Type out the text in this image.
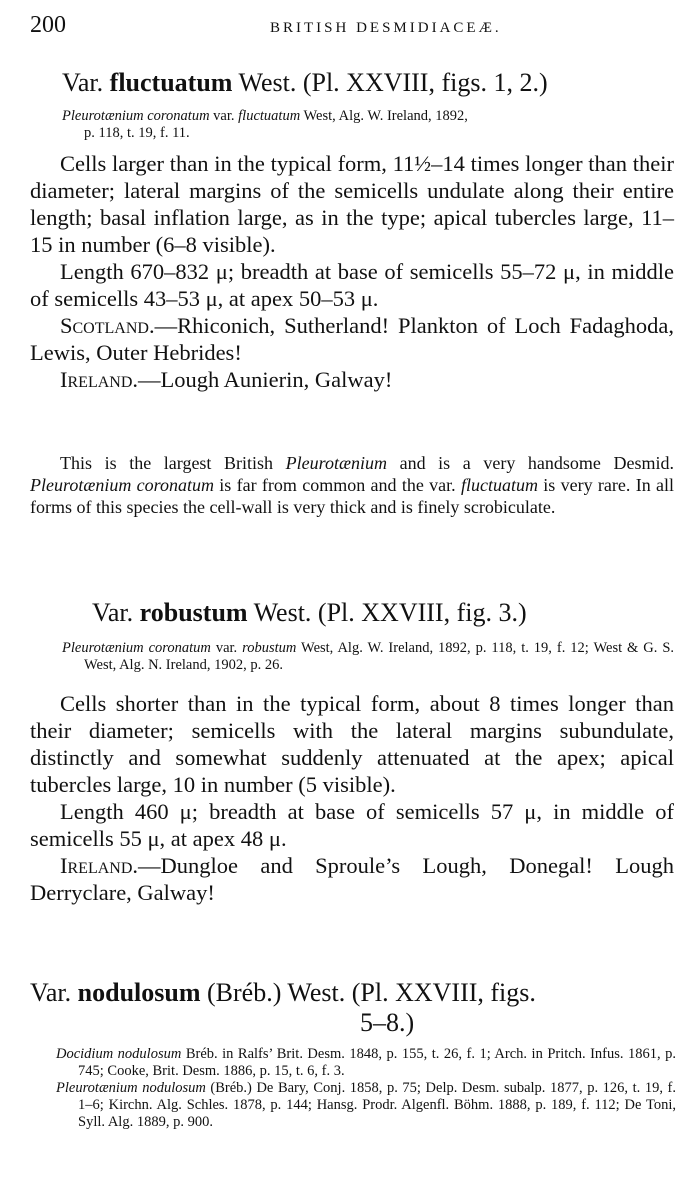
200	BRITISH DESMIDIACEÆ.
Var. fluctuatum West. (Pl. XXVIII, figs. 1, 2.)
Pleurotænium coronatum var. fluctuatum West, Alg. W. Ireland, 1892,
p. 118, t. 19, f. 11.
Cells larger than in the typical form, 11½–14 times longer than their diameter; lateral margins of the semicells undulate along their entire length; basal inflation large, as in the type; apical tubercles large, 11–15 in number (6–8 visible).
Length 670–832 μ; breadth at base of semicells 55–72 μ, in middle of semicells 43–53 μ, at apex 50–53 μ.
Scotland.—Rhiconich, Sutherland! Plankton of Loch Fadaghoda, Lewis, Outer Hebrides!
Ireland.—Lough Aunierin, Galway!
This is the largest British Pleurotænium and is a very handsome Desmid. Pleurotænium coronatum is far from common and the var. fluctuatum is very rare. In all forms of this species the cell-wall is very thick and is finely scrobiculate.
Var. robustum West. (Pl. XXVIII, fig. 3.)
Pleurotænium coronatum var. robustum West, Alg. W. Ireland, 1892, p. 118, t. 19, f. 12; West & G. S. West, Alg. N. Ireland, 1902, p. 26.
Cells shorter than in the typical form, about 8 times longer than their diameter; semicells with the lateral margins subundulate, distinctly and somewhat suddenly attenuated at the apex; apical tubercles large, 10 in number (5 visible).
Length 460 μ; breadth at base of semicells 57 μ, in middle of semicells 55 μ, at apex 48 μ.
Ireland.—Dungloe and Sproule’s Lough, Donegal! Lough Derryclare, Galway!
Var. nodulosum (Bréb.) West. (Pl. XXVIII, figs.
5–8.)
Docidium nodulosum Bréb. in Ralfs’ Brit. Desm. 1848, p. 155, t. 26, f. 1; Arch. in Pritch. Infus. 1861, p. 745; Cooke, Brit. Desm. 1886, p. 15, t. 6, f. 3.
Pleurotænium nodulosum (Bréb.) De Bary, Conj. 1858, p. 75; Delp. Desm. subalp. 1877, p. 126, t. 19, f. 1–6; Kirchn. Alg. Schles. 1878, p. 144; Hansg. Prodr. Algenfl. Böhm. 1888, p. 189, f. 112; De Toni, Syll. Alg. 1889, p. 900.
